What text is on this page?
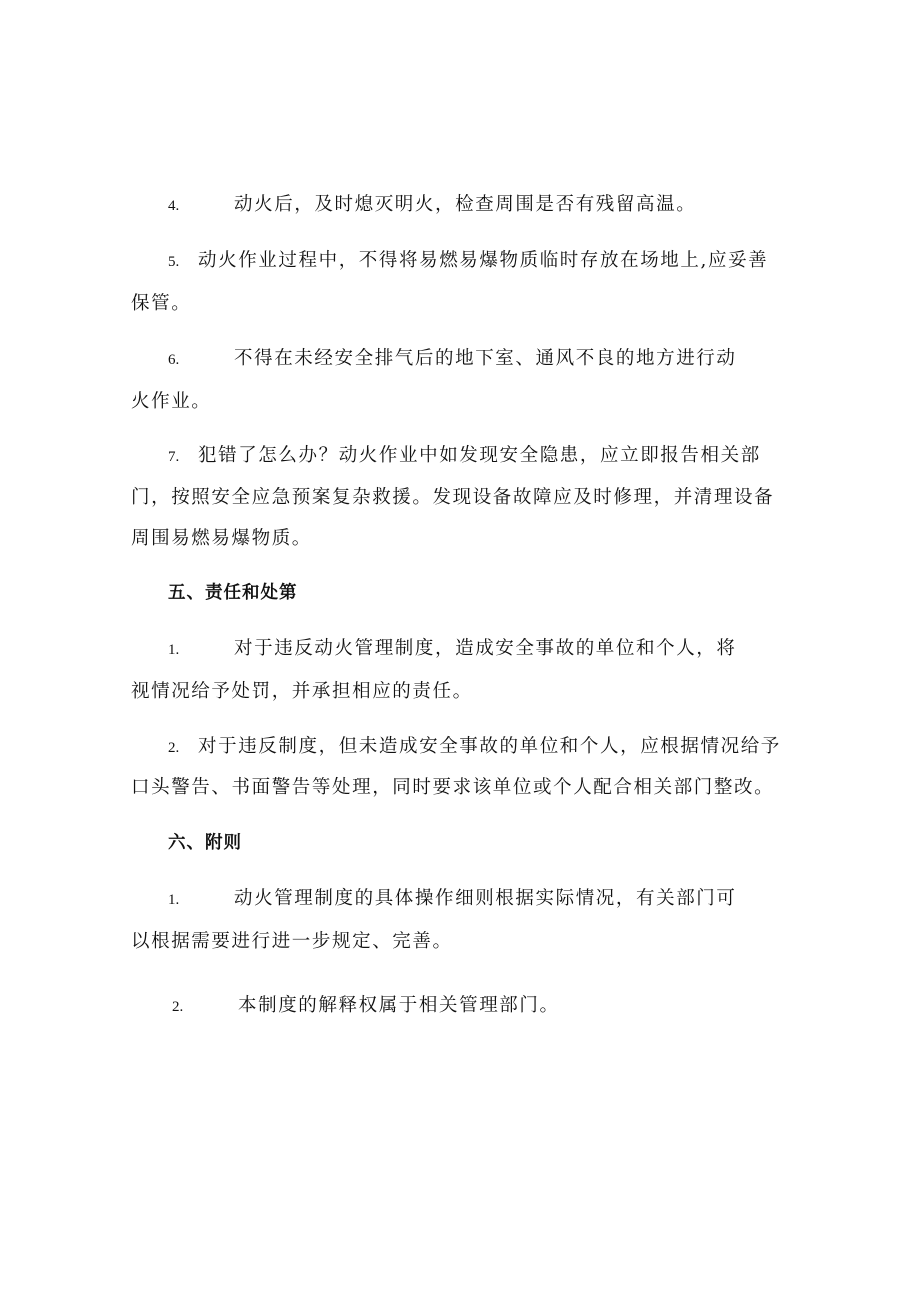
4.	动火后，及时熄灭明火，检查周围是否有残留高温。
5. 动火作业过程中，不得将易燃易爆物质临时存放在场地上,应妥善
保管。
6.	不得在未经安全排气后的地下室、通风不良的地方进行动
火作业。
7. 犯错了怎么办？动火作业中如发现安全隐患，应立即报告相关部
门，按照安全应急预案复杂救援。发现设备故障应及时修理，并清理设备
周围易燃易爆物质。
五、责任和处第
1.	对于违反动火管理制度，造成安全事故的单位和个人，将
视情况给予处罚，并承担相应的责任。
2. 对于违反制度，但未造成安全事故的单位和个人，应根据情况给予
口头警告、书面警告等处理，同时要求该单位或个人配合相关部门整改。
六、附则
1.	动火管理制度的具体操作细则根据实际情况，有关部门可
以根据需要进行进一步规定、完善。
2.	本制度的解释权属于相关管理部门。
